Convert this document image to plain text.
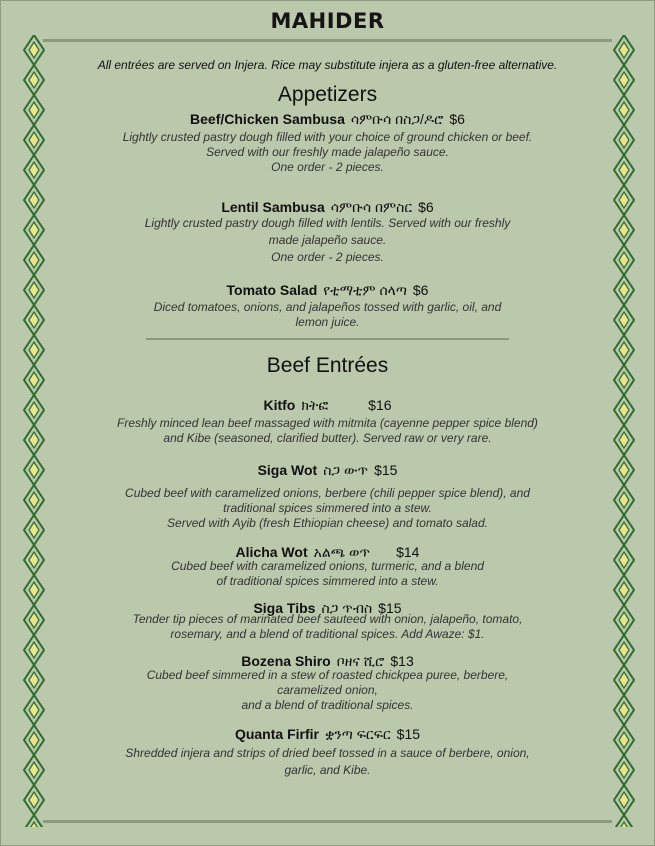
MAHIDER
All entrées are served on Injera. Rice may substitute injera as a gluten-free alternative.
Appetizers
Beef/Chicken Sambusa ሳምቡሳ በስጋ/ዶሮ $6
Lightly crusted pastry dough filled with your choice of ground chicken or beef.
Served with our freshly made jalapeño sauce.
One order - 2 pieces.
Lentil Sambusa ሳምቡሳ በምስር $6
Lightly crusted pastry dough filled with lentils. Served with our freshly
made jalapeño sauce.
One order - 2 pieces.
Tomato Salad የቲማቲም ሰላጣ $6
Diced tomatoes, onions, and jalapeños tossed with garlic, oil, and
lemon juice.
Beef Entrées
Kitfo ክትፎ	$16
Freshly minced lean beef massaged with mitmita (cayenne pepper spice blend)
and Kibe (seasoned, clarified butter). Served raw or very rare.
Siga Wot ስጋ ውጥ $15
Cubed beef with caramelized onions, berbere (chili pepper spice blend), and
traditional spices simmered into a stew.
Served with Ayib (fresh Ethiopian cheese) and tomato salad.
Alicha Wot አልጫ ወጥ $14
Cubed beef with caramelized onions, turmeric, and a blend
of traditional spices simmered into a stew.
Siga Tibs ስጋ ጥብስ $15
Tender tip pieces of marinated beef sauteed with onion, jalapeño, tomato,
rosemary, and a blend of traditional spices. Add Awaze: $1.
Bozena Shiro ቦዘና ሺሮ $13
Cubed beef simmered in a stew of roasted chickpea puree, berbere,
caramelized onion,
and a blend of traditional spices.
Quanta Firfir ቋንጣ ፍርፍር $15
Shredded injera and strips of dried beef tossed in a sauce of berbere, onion,
garlic, and Kibe.
